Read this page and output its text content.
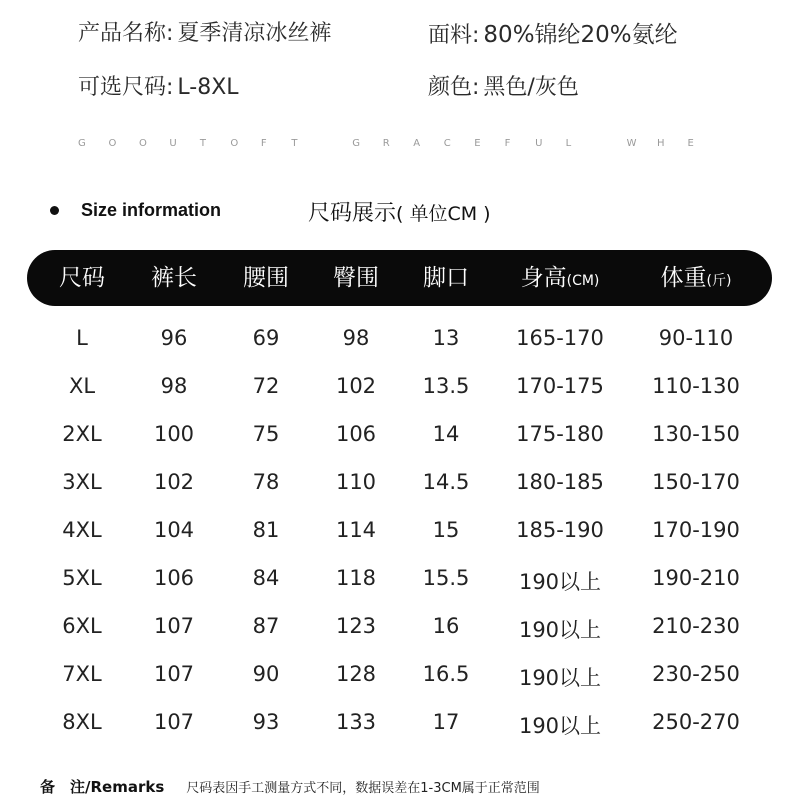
产品名称: 夏季清凉冰丝裤	面料: 80%锦纶20%氨纶
可选尺码: L-8XL	颜色: 黑色/灰色
G O O U T O F T	G R A C E F U L	W H E
Size information	尺码展示( 单位CM )
尺码 裤长 腰围 臀围 脚口 身高(CM)	体重(斤)
L	96	69	98	13	165-170	90-110
XL	98	72	102 13.5 170-175 110-130
2XL 100	75	106	14	175-180 130-150
3XL 102	78	110 14.5 180-185 150-170
4XL 104	81	114	15	185-190 170-190
5XL 106	84	118 15.5 190以上 190-210
6XL 107	87	123	16	190以上 210-230
7XL 107	90	128 16.5 190以上 230-250
8XL 107	93	133	17	190以上 250-270
备　注/Remarks 尺码表因手工测量方式不同，数据误差在1-3CM属于正常范围
